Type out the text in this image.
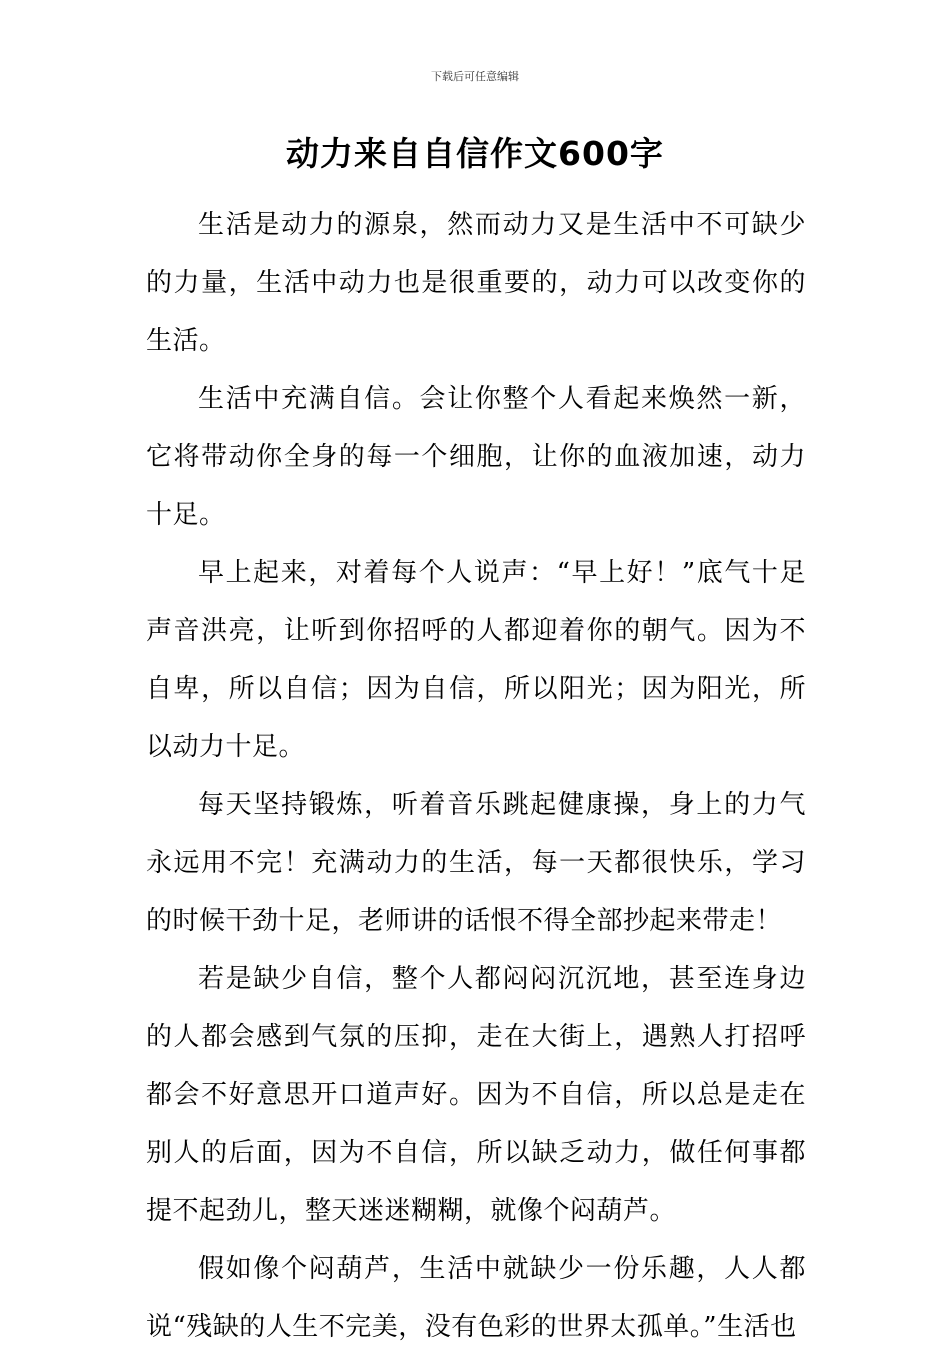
下载后可任意编辑
动力来自自信作文600字

生活是动力的源泉，然而动力又是生活中不可缺少的力量，生活中动力也是很重要的，动力可以改变你的生活。

生活中充满自信。会让你整个人看起来焕然一新，它将带动你全身的每一个细胞，让你的血液加速，动力十足。

早上起来，对着每个人说声：“早上好！”底气十足声音洪亮，让听到你招呼的人都迎着你的朝气。因为不自卑，所以自信；因为自信，所以阳光；因为阳光，所以动力十足。

每天坚持锻炼，听着音乐跳起健康操，身上的力气永远用不完！充满动力的生活，每一天都很快乐，学习的时候干劲十足，老师讲的话恨不得全部抄起来带走！

若是缺少自信，整个人都闷闷沉沉地，甚至连身边的人都会感到气氛的压抑，走在大街上，遇熟人打招呼都会不好意思开口道声好。因为不自信，所以总是走在别人的后面，因为不自信，所以缺乏动力，做任何事都提不起劲儿，整天迷迷糊糊，就像个闷葫芦。

假如像个闷葫芦，生活中就缺少一份乐趣，人人都说“残缺的人生不完美，没有色彩的世界太孤单。”生活也
